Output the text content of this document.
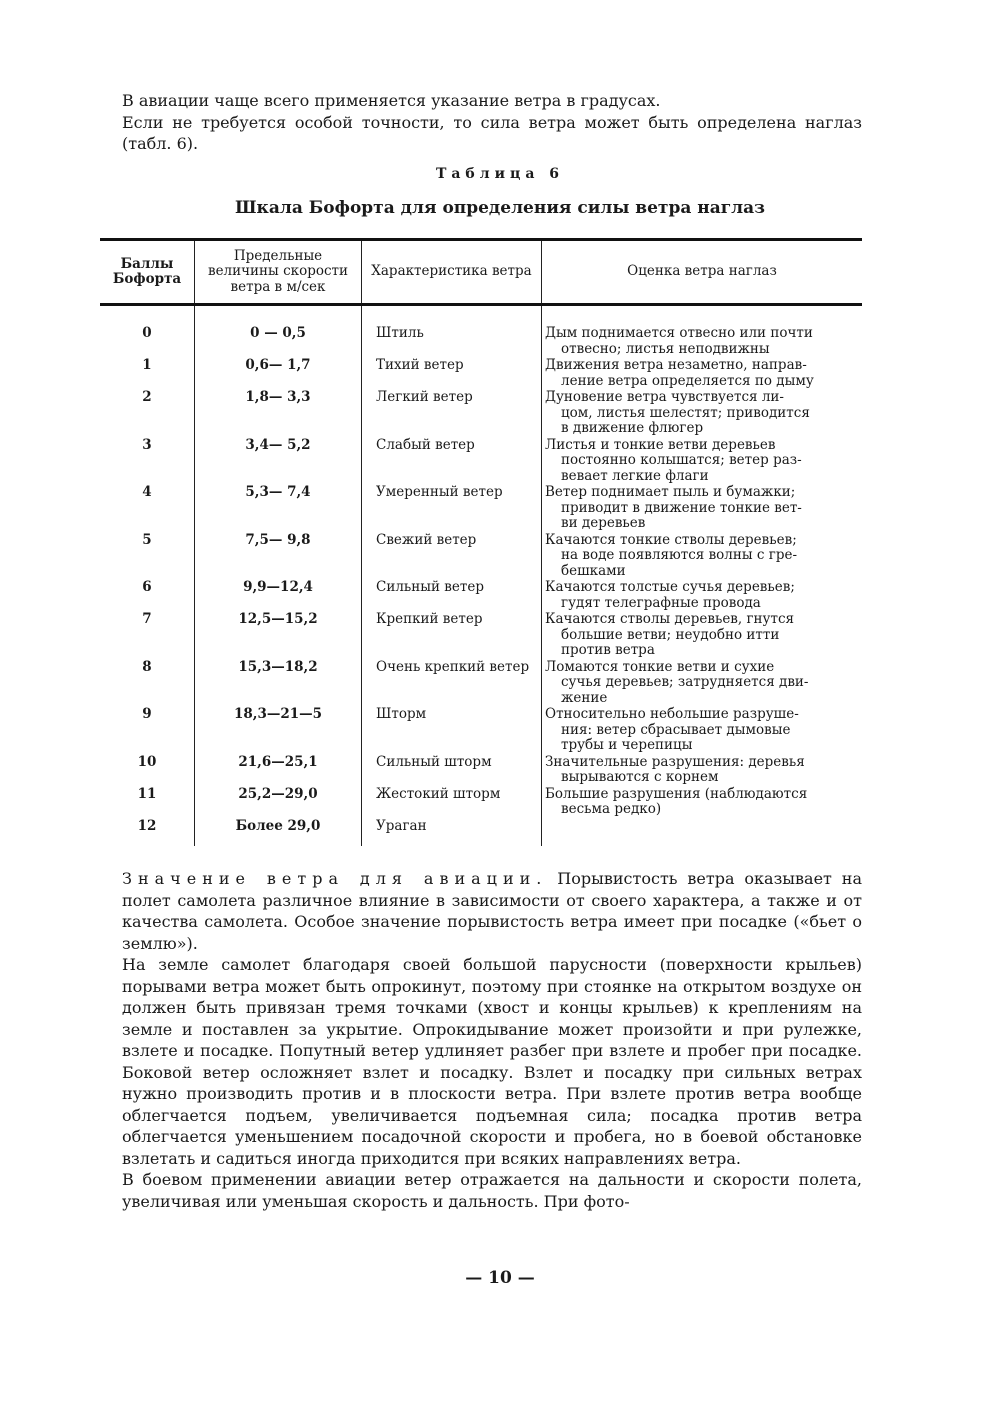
В авиации чаще всего применяется указание ветра в градусах.
Если не требуется особой точности, то сила ветра может быть определена наглаз (табл. 6).
Таблица 6
Шкала Бофорта для определения силы ветра наглаз
Баллы Бофорта	Предельные величины скорости ветра в м/сек	Характеристика ветра	Оценка ветра наглаз
0	0 — 0,5	Штиль	Дым поднимается отвесно или почти
отвесно; листья неподвижны

1	0,6— 1,7	Тихий ветер	Движения ветра незаметно, направ-
ление ветра определяется по дыму

2	1,8— 3,3	Легкий ветер	Дуновение ветра чувствуется ли-
цом, листья шелестят; приводится
в движение флюгер

3	3,4— 5,2	Слабый ветер	Листья и тонкие ветви деревьев
постоянно колышатся; ветер раз-
вевает легкие флаги

4	5,3— 7,4	Умеренный ветер	Ветер поднимает пыль и бумажки;
приводит в движение тонкие вет-
ви деревьев

5	7,5— 9,8	Свежий ветер	Качаются тонкие стволы деревьев;
на воде появляются волны с гре-
бешками

6	9,9—12,4	Сильный ветер	Качаются толстые сучья деревьев;
гудят телеграфные провода

7	12,5—15,2	Крепкий ветер	Качаются стволы деревьев, гнутся
большие ветви; неудобно итти
против ветра

8	15,3—18,2	Очень крепкий ветер	Ломаются тонкие ветви и сухие
сучья деревьев; затрудняется дви-
жение

9	18,3—21—5	Шторм	Относительно небольшие разруше-
ния: ветер сбрасывает дымовые
трубы и черепицы

10	21,6—25,1	Сильный шторм	Значительные разрушения: деревья
вырываются с корнем

11	25,2—29,0	Жестокий шторм	Большие разрушения (наблюдаются
весьма редко)

12	Более 29,0	Ураган	

Значение ветра для авиации. Порывистость ветра оказывает на полет самолета различное влияние в зависимости от своего характера, а также и от качества самолета. Особое значение порывистость ветра имеет при посадке («бьет о землю»).

На земле самолет благодаря своей большой парусности (поверхности крыльев) порывами ветра может быть опрокинут, поэтому при стоянке на открытом воздухе он должен быть привязан тремя точками (хвост и концы крыльев) к креплениям на земле и поставлен за укрытие. Опрокидывание может произойти и при рулежке, взлете и посадке. Попутный ветер удлиняет разбег при взлете и пробег при посадке. Боковой ветер осложняет взлет и посадку. Взлет и посадку при сильных ветрах нужно производить против и в плоскости ветра. При взлете против ветра вообще облегчается подъем, увеличивается подъемная сила; посадка против ветра облегчается уменьшением посадочной скорости и пробега, но в боевой обстановке взлетать и садиться иногда приходится при всяких направлениях ветра.

В боевом применении авиации ветер отражается на дальности и скорости полета, увеличивая или уменьшая скорость и дальность. При фото-

— 10 —
